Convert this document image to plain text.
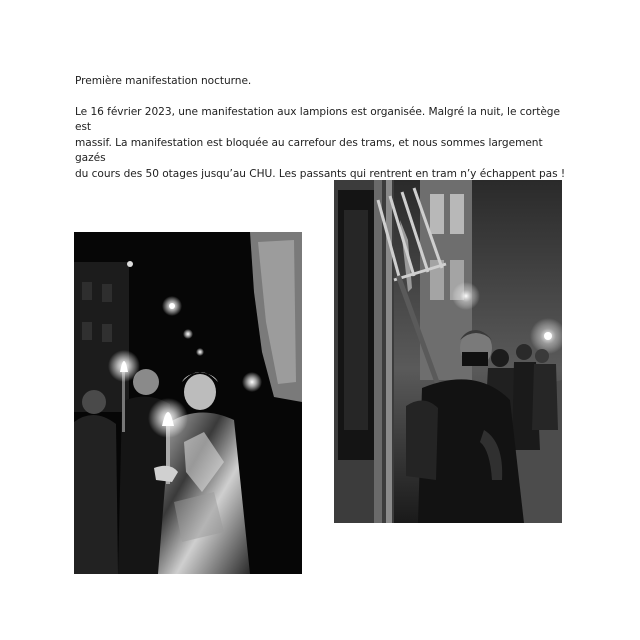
Première manifestation nocturne.

Le 16 février 2023, une manifestation aux lampions est organisée. Malgré la nuit, le cortège est

massif. La manifestation est bloquée au carrefour des trams, et nous sommes largement gazés

du cours des 50 otages jusqu’au CHU. Les passants qui rentrent en tram n’y échappent pas !
